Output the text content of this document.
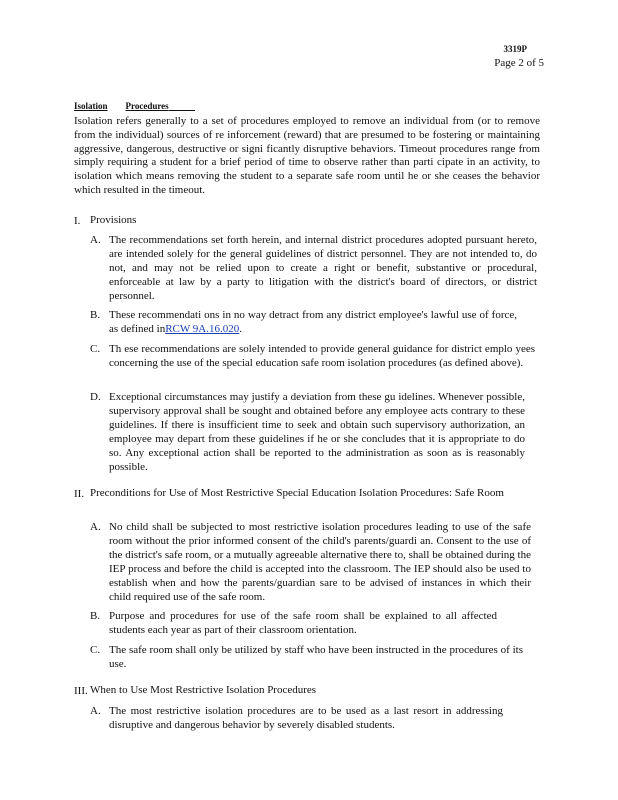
3319P
Page 2 of 5
Isolation Procedures

Isolation refers generally to a set of procedures employed to remove an individual from (or to remove from the individual) sources of re inforcement (reward) that are presumed to be fostering or maintaining aggressive, dangerous, destructive or signi ficantly disruptive behaviors. Timeout procedures range from simply requiring a student for a brief period of time to observe rather than parti cipate in an activity, to isolation which means removing the student to a separate safe room until he or she ceases the behavior which resulted in the timeout.

I. Provisions
A. The recommendations set forth herein, and internal district procedures adopted pursuant hereto, are intended solely for the general guidelines of district personnel. They are not intended to, do not, and may not be relied upon to create a right or benefit, substantive or procedural, enforceable at law by a party to litigation with the district's board of directors, or district personnel.

B. These recommendati ons in no way detract from any district employee's lawful use of force, as defined inRCW 9A.16.020.

C. Th ese recommendations are solely intended to provide general guidance for district emplo yees concerning the use of the special education safe room isolation procedures (as defined above).

D. Exceptional circumstances may justify a deviation from these gu idelines. Whenever possible, supervisory approval shall be sought and obtained before any employee acts contrary to these guidelines. If there is insufficient time to seek and obtain such supervisory authorization, an employee may depart from these guidelines if he or she concludes that it is appropriate to do so. Any exceptional action shall be reported to the administration as soon as is reasonably possible.

II. Preconditions for Use of Most Restrictive Special Education Isolation Procedures: Safe Room
A. No child shall be subjected to most restrictive isolation procedures leading to use of the safe room without the prior informed consent of the child's parents/guardi an. Consent to the use of the district's safe room, or a mutually agreeable alternative there to, shall be obtained during the IEP process and before the child is accepted into the classroom. The IEP should also be used to establish when and how the parents/guardian sare to be advised of instances in which their child required use of the safe room.

B. Purpose and procedures for use of the safe room shall be explained to all affected students each year as part of their classroom orientation.

C. The safe room shall only be utilized by staff who have been instructed in the procedures of its use.

III. When to Use Most Restrictive Isolation Procedures
A. The most restrictive isolation procedures are to be used as a last resort in addressing disruptive and dangerous behavior by severely disabled students.
